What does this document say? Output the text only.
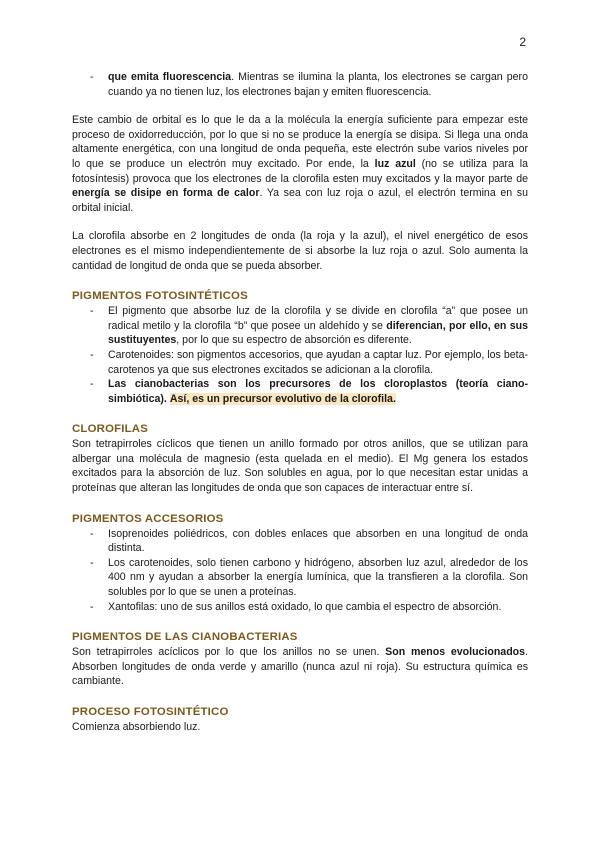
2
- que emita fluorescencia. Mientras se ilumina la planta, los electrones se cargan pero cuando ya no tienen luz, los electrones bajan y emiten fluorescencia.

Este cambio de orbital es lo que le da a la molécula la energía suficiente para empezar este proceso de oxidorreducción, por lo que si no se produce la energía se disipa. Si llega una onda altamente energética, con una longitud de onda pequeña, este electrón sube varios niveles por lo que se produce un electrón muy excitado. Por ende, la luz azul (no se utiliza para la fotosíntesis) provoca que los electrones de la clorofila esten muy excitados y la mayor parte de energía se disipe en forma de calor. Ya sea con luz roja o azul, el electrón termina en su orbital inicial.

La clorofila absorbe en 2 longitudes de onda (la roja y la azul), el nivel energético de esos electrones es el mismo independientemente de si absorbe la luz roja o azul. Solo aumenta la cantidad de longitud de onda que se pueda absorber.

PIGMENTOS FOTOSINTÉTICOS
- El pigmento que absorbe luz de la clorofila y se divide en clorofila “a” que posee un radical metilo y la clorofila “b” que posee un aldehído y se diferencian, por ello, en sus sustituyentes, por lo que su espectro de absorción es diferente.
- Carotenoides: son pigmentos accesorios, que ayudan a captar luz. Por ejemplo, los beta-carotenos ya que sus electrones excitados se adicionan a la clorofila.
- Las cianobacterias son los precursores de los cloroplastos (teoría ciano-simbiótica). Así, es un precursor evolutivo de la clorofila.
CLOROFILAS

Son tetrapirroles cíclicos que tienen un anillo formado por otros anillos, que se utilizan para albergar una molécula de magnesio (esta quelada en el medio). El Mg genera los estados excitados para la absorción de luz. Son solubles en agua, por lo que necesitan estar unidas a proteínas que alteran las longitudes de onda que son capaces de interactuar entre sí.

PIGMENTOS ACCESORIOS
- Isoprenoides poliédricos, con dobles enlaces que absorben en una longitud de onda distinta.
- Los carotenoides, solo tienen carbono y hidrógeno, absorben luz azul, alrededor de los 400 nm y ayudan a absorber la energía lumínica, que la transfieren a la clorofila. Son solubles por lo que se unen a proteínas.
- Xantofilas: uno de sus anillos está oxidado, lo que cambia el espectro de absorción.
PIGMENTOS DE LAS CIANOBACTERIAS

Son tetrapirroles acíclicos por lo que los anillos no se unen. Son menos evolucionados. Absorben longitudes de onda verde y amarillo (nunca azul ni roja). Su estructura química es cambiante.

PROCESO FOTOSINTÉTICO

Comienza absorbiendo luz.
